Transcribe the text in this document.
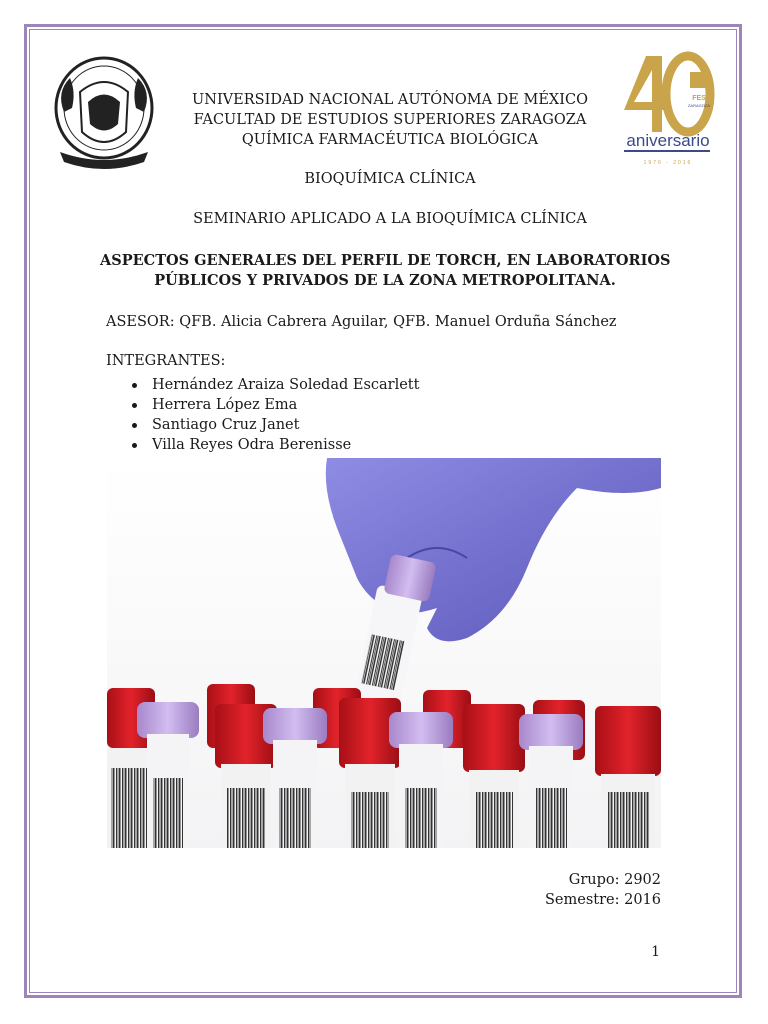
FES
ZARAGOZA
aniversario
1976 - 2016
UNIVERSIDAD NACIONAL AUTÓNOMA DE MÉXICO
FACULTAD DE ESTUDIOS SUPERIORES ZARAGOZA
QUÍMICA FARMACÉUTICA BIOLÓGICA
BIOQUÍMICA CLÍNICA
SEMINARIO APLICADO A LA BIOQUÍMICA CLÍNICA
ASPECTOS GENERALES DEL PERFIL DE TORCH, EN LABORATORIOS
PÚBLICOS Y PRIVADOS DE LA ZONA METROPOLITANA.
ASESOR: QFB. Alicia Cabrera Aguilar, QFB. Manuel Orduña Sánchez
INTEGRANTES:
Hernández Araiza Soledad Escarlett
Herrera López Ema
Santiago Cruz Janet
Villa Reyes Odra Berenisse
Grupo: 2902
Semestre: 2016
1
